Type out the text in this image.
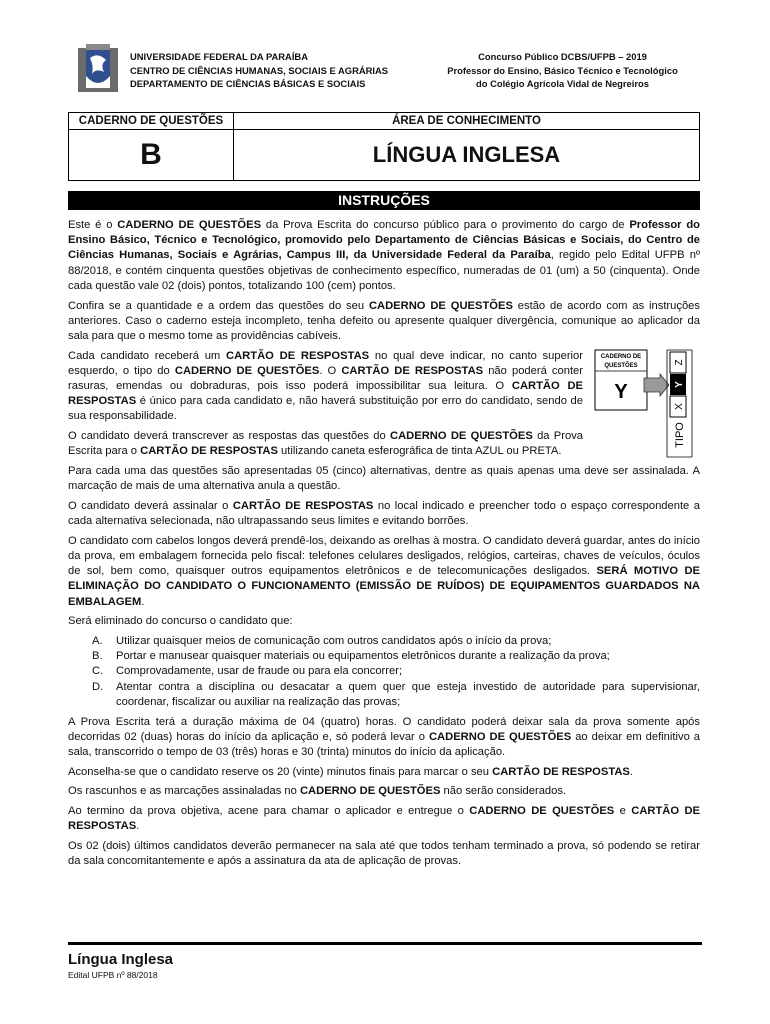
UNIVERSIDADE FEDERAL DA PARAÍBA
CENTRO DE CIÊNCIAS HUMANAS, SOCIAIS E AGRÁRIAS
DEPARTAMENTO DE CIÊNCIAS BÁSICAS E SOCIAIS
Concurso Público DCBS/UFPB – 2019
Professor do Ensino, Básico Técnico e Tecnológico
do Colégio Agrícola Vidal de Negreiros
CADERNO DE QUESTÕES	ÁREA DE CONHECIMENTO
B	LÍNGUA INGLESA
INSTRUÇÕES

Este é o CADERNO DE QUESTÕES da Prova Escrita do concurso público para o provimento do cargo de Professor do Ensino Básico, Técnico e Tecnológico, promovido pelo Departamento de Ciências Básicas e Sociais, do Centro de Ciências Humanas, Sociais e Agrárias, Campus III, da Universidade Federal da Paraíba, regido pelo Edital UFPB nº 88/2018, e contém cinquenta questões objetivas de conhecimento específico, numeradas de 01 (um) a 50 (cinquenta). Onde cada questão vale 02 (dois) pontos, totalizando 100 (cem) pontos.

Confira se a quantidade e a ordem das questões do seu CADERNO DE QUESTÕES estão de acordo com as instruções anteriores. Caso o caderno esteja incompleto, tenha defeito ou apresente qualquer divergência, comunique ao aplicador da sala para que o mesmo tome as providências cabíveis.

Cada candidato receberá um CARTÃO DE RESPOSTAS no qual deve indicar, no canto superior esquerdo, o tipo do CADERNO DE QUESTÕES. O CARTÃO DE RESPOSTAS não poderá conter rasuras, emendas ou dobraduras, pois isso poderá impossibilitar sua leitura. O CARTÃO DE RESPOSTAS é único para cada candidato e, não haverá substituição por erro do candidato, sendo de sua responsabilidade.

O candidato deverá transcrever as respostas das questões do CADERNO DE QUESTÕES da Prova Escrita para o CARTÃO DE RESPOSTAS utilizando caneta esferográfica de tinta AZUL ou PRETA.

Para cada uma das questões são apresentadas 05 (cinco) alternativas, dentre as quais apenas uma deve ser assinalada. A marcação de mais de uma alternativa anula a questão.

O candidato deverá assinalar o CARTÃO DE RESPOSTAS no local indicado e preencher todo o espaço correspondente a cada alternativa selecionada, não ultrapassando seus limites e evitando borrões.

O candidato com cabelos longos deverá prendê-los, deixando as orelhas à mostra. O candidato deverá guardar, antes do início da prova, em embalagem fornecida pelo fiscal: telefones celulares desligados, relógios, carteiras, chaves de veículos, óculos de sol, bem como, quaisquer outros equipamentos eletrônicos e de telecomunicações desligados. SERÁ MOTIVO DE ELIMINAÇÃO DO CANDIDATO O FUNCIONAMENTO (EMISSÃO DE RUÍDOS) DE EQUIPAMENTOS GUARDADOS NA EMBALAGEM.

Será eliminado do concurso o candidato que:

A. Utilizar quaisquer meios de comunicação com outros candidatos após o início da prova;
B. Portar e manusear quaisquer materiais ou equipamentos eletrônicos durante a realização da prova;
C. Comprovadamente, usar de fraude ou para ela concorrer;
D. Atentar contra a disciplina ou desacatar a quem quer que esteja investido de autoridade para supervisionar, coordenar, fiscalizar ou auxiliar na realização das provas;

A Prova Escrita terá a duração máxima de 04 (quatro) horas. O candidato poderá deixar sala da prova somente após decorridas 02 (duas) horas do início da aplicação e, só poderá levar o CADERNO DE QUESTÕES ao deixar em definitivo a sala, transcorrido o tempo de 03 (três) horas e 30 (trinta) minutos do início da aplicação.

Aconselha-se que o candidato reserve os 20 (vinte) minutos finais para marcar o seu CARTÃO DE RESPOSTAS.

Os rascunhos e as marcações assinaladas no CADERNO DE QUESTÕES não serão considerados.

Ao termino da prova objetiva, acene para chamar o aplicador e entregue o CADERNO DE QUESTÕES e CARTÃO DE RESPOSTAS.

Os 02 (dois) últimos candidatos deverão permanecer na sala até que todos tenham terminado a prova, só podendo se retirar da sala concomitantemente e após a assinatura da ata de aplicação de provas.

CADERNO DE
QUESTÕES
Y
Z
Y
X
TIPO
Língua Inglesa
Edital UFPB nº 88/2018
